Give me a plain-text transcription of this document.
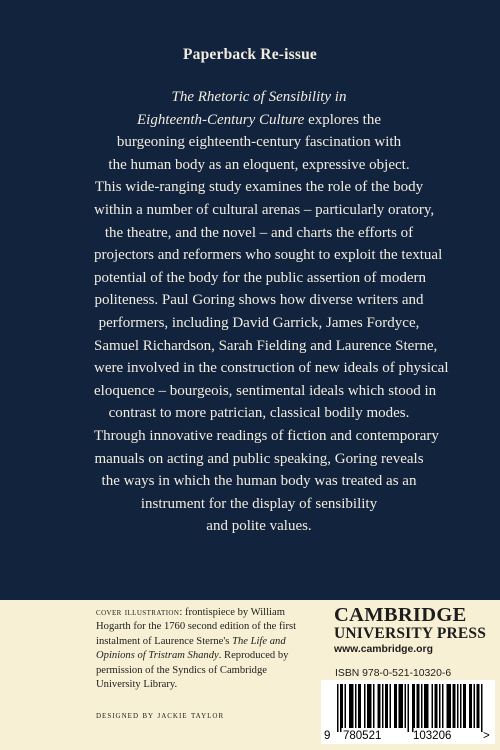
Paperback Re-issue

The Rhetoric of Sensibility in
Eighteenth-Century Culture explores the
burgeoning eighteenth-century fascination with
the human body as an eloquent, expressive object.
This wide-ranging study examines the role of the body
within a number of cultural arenas – particularly oratory,
the theatre, and the novel – and charts the efforts of
projectors and reformers who sought to exploit the textual
potential of the body for the public assertion of modern
politeness. Paul Goring shows how diverse writers and
performers, including David Garrick, James Fordyce,
Samuel Richardson, Sarah Fielding and Laurence Sterne,
were involved in the construction of new ideals of physical
eloquence – bourgeois, sentimental ideals which stood in
contrast to more patrician, classical bodily modes.
Through innovative readings of fiction and contemporary
manuals on acting and public speaking, Goring reveals
the ways in which the human body was treated as an
instrument for the display of sensibility
and polite values.

cover illustration: frontispiece by William
Hogarth for the 1760 second edition of the first
instalment of Laurence Sterne's The Life and
Opinions of Tristram Shandy. Reproduced by
permission of the Syndics of Cambridge
University Library.
designed by jackie taylor
CAMBRIDGE
UNIVERSITY PRESS
www.cambridge.org
ISBN 978-0-521-10320-6
9 780521	103206	>
